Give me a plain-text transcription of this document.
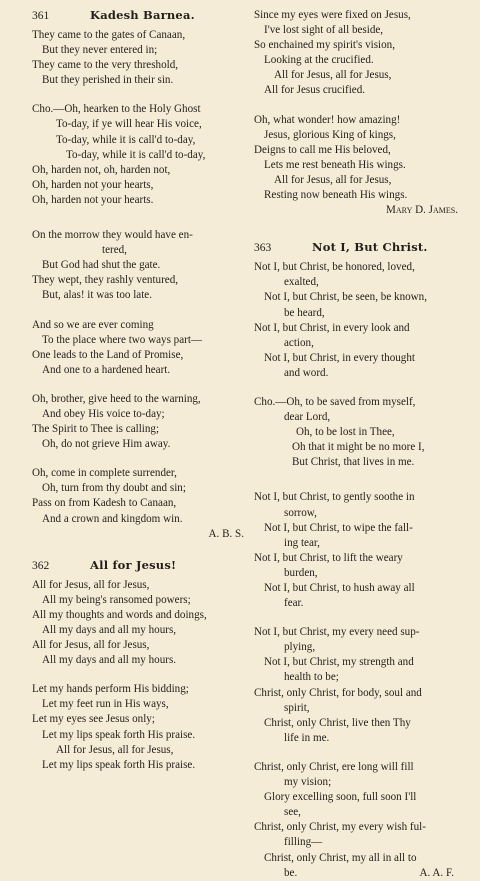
361	Kadesh Barnea.
They came to the gates of Canaan,
But they never entered in;
They came to the very threshold,
But they perished in their sin.
Cho.—Oh, hearken to the Holy Ghost
To-day, if ye will hear His voice,
To-day, while it is call'd to-day,
To-day, while it is call'd to-day,
Oh, harden not, oh, harden not,
Oh, harden not your hearts,
Oh, harden not your hearts.
On the morrow they would have en-
tered,
But God had shut the gate.
They wept, they rashly ventured,
But, alas! it was too late.
And so we are ever coming
To the place where two ways part—
One leads to the Land of Promise,
And one to a hardened heart.
Oh, brother, give heed to the warning,
And obey His voice to-day;
The Spirit to Thee is calling;
Oh, do not grieve Him away.
Oh, come in complete surrender,
Oh, turn from thy doubt and sin;
Pass on from Kadesh to Canaan,
And a crown and kingdom win.
A. B. S.
362	All for Jesus!
All for Jesus, all for Jesus,
All my being's ransomed powers;
All my thoughts and words and doings,
All my days and all my hours,
All for Jesus, all for Jesus,
All my days and all my hours.
Let my hands perform His bidding;
Let my feet run in His ways,
Let my eyes see Jesus only;
Let my lips speak forth His praise.
All for Jesus, all for Jesus,
Let my lips speak forth His praise.
Since my eyes were fixed on Jesus,
I've lost sight of all beside,
So enchained my spirit's vision,
Looking at the crucified.
All for Jesus, all for Jesus,
All for Jesus crucified.
Oh, what wonder! how amazing!
Jesus, glorious King of kings,
Deigns to call me His beloved,
Lets me rest beneath His wings.
All for Jesus, all for Jesus,
Resting now beneath His wings.
Mary D. James.
363	Not I, But Christ.
Not I, but Christ, be honored, loved,
exalted,
Not I, but Christ, be seen, be known,
be heard,
Not I, but Christ, in every look and
action,
Not I, but Christ, in every thought
and word.
Cho.—Oh, to be saved from myself,
dear Lord,
Oh, to be lost in Thee,
Oh that it might be no more I,
But Christ, that lives in me.
Not I, but Christ, to gently soothe in
sorrow,
Not I, but Christ, to wipe the fall-
ing tear,
Not I, but Christ, to lift the weary
burden,
Not I, but Christ, to hush away all
fear.
Not I, but Christ, my every need sup-
plying,
Not I, but Christ, my strength and
health to be;
Christ, only Christ, for body, soul and
spirit,
Christ, only Christ, live then Thy
life in me.
Christ, only Christ, ere long will fill
my vision;
Glory excelling soon, full soon I'll
see,
Christ, only Christ, my every wish ful-
filling—
Christ, only Christ, my all in all to
be.	A. A. F.
